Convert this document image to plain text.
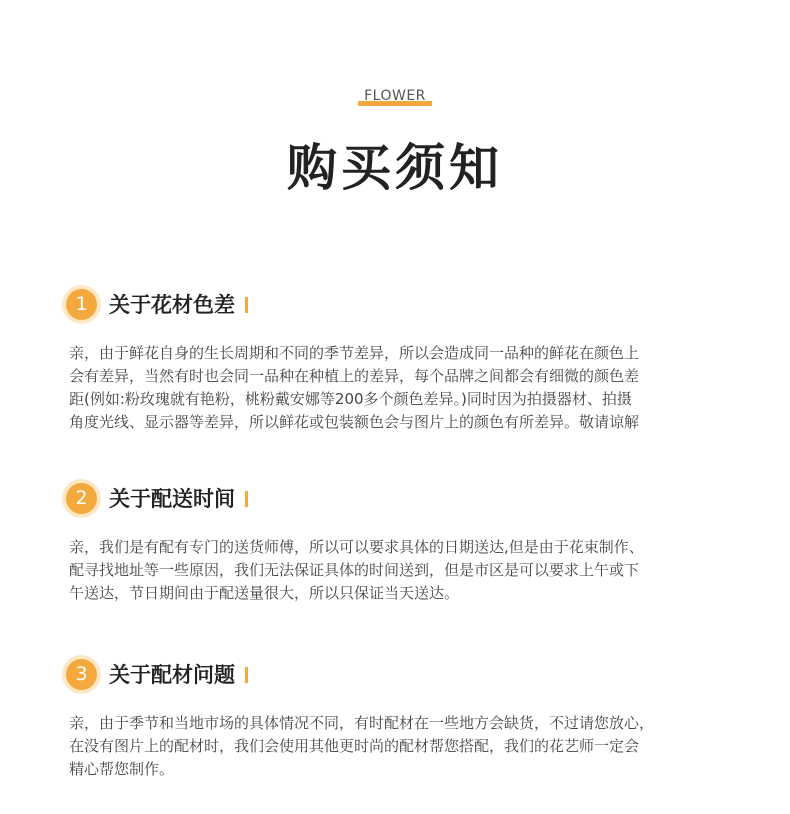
FLOWER
购买须知
1	关于花材色差
亲，由于鲜花自身的生长周期和不同的季节差异，所以会造成同一品种的鲜花在颜色上
会有差异，当然有时也会同一品种在种植上的差异，每个品牌之间都会有细微的颜色差
距(例如:粉玫瑰就有艳粉，桃粉戴安娜等200多个颜色差异。)同时因为拍摄器材、拍摄
角度光线、显示器等差异，所以鲜花或包装额色会与图片上的颜色有所差异。敬请谅解
2	关于配送时间
亲，我们是有配有专门的送货师傅，所以可以要求具体的日期送达,但是由于花束制作、
配寻找地址等一些原因，我们无法保证具体的时间送到，但是市区是可以要求上午或下
午送达，节日期间由于配送量很大，所以只保证当天送达。
3	关于配材问题
亲，由于季节和当地市场的具体情况不同，有时配材在一些地方会缺货，不过请您放心，
在没有图片上的配材时，我们会使用其他更时尚的配材帮您搭配，我们的花艺师一定会
精心帮您制作。
